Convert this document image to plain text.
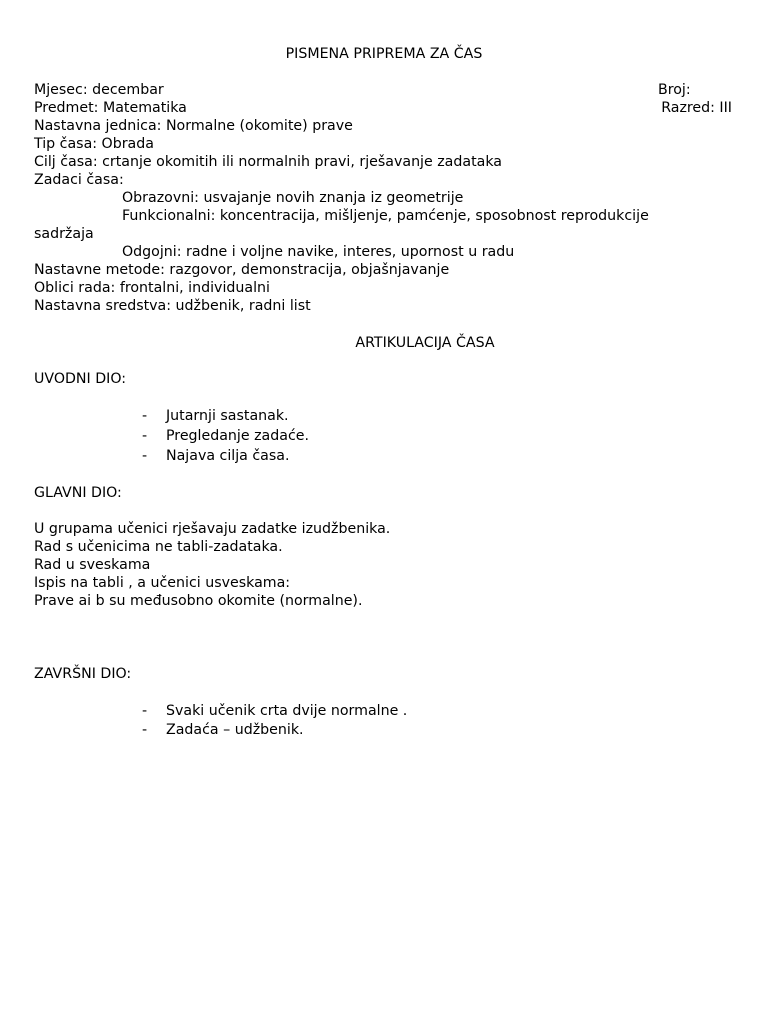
PISMENA PRIPREMA ZA ČAS
Mjesec: decembar	Broj:
Predmet: Matematika	Razred: III
Nastavna jednica: Normalne (okomite) prave
Tip časa: Obrada
Cilj časa: crtanje okomitih ili normalnih pravi, rješavanje zadataka
Zadaci časa:
Obrazovni: usvajanje novih znanja iz geometrije
Funkcionalni: koncentracija, mišljenje, pamćenje, sposobnost reprodukcije
sadržaja
Odgojni: radne i voljne navike, interes, upornost u radu
Nastavne metode: razgovor, demonstracija, objašnjavanje
Oblici rada: frontalni, individualni
Nastavna sredstva: udžbenik, radni list
ARTIKULACIJA ČASA
UVODNI DIO:
- Jutarnji sastanak.
- Pregledanje zadaće.
- Najava cilja časa.
GLAVNI DIO:
U grupama učenici rješavaju zadatke izudžbenika.
Rad s učenicima ne tabli-zadataka.
Rad u sveskama
Ispis na tabli , a učenici usveskama:
Prave ai b su međusobno okomite (normalne).
ZAVRŠNI DIO:
- Svaki učenik crta dvije normalne .
- Zadaća – udžbenik.
